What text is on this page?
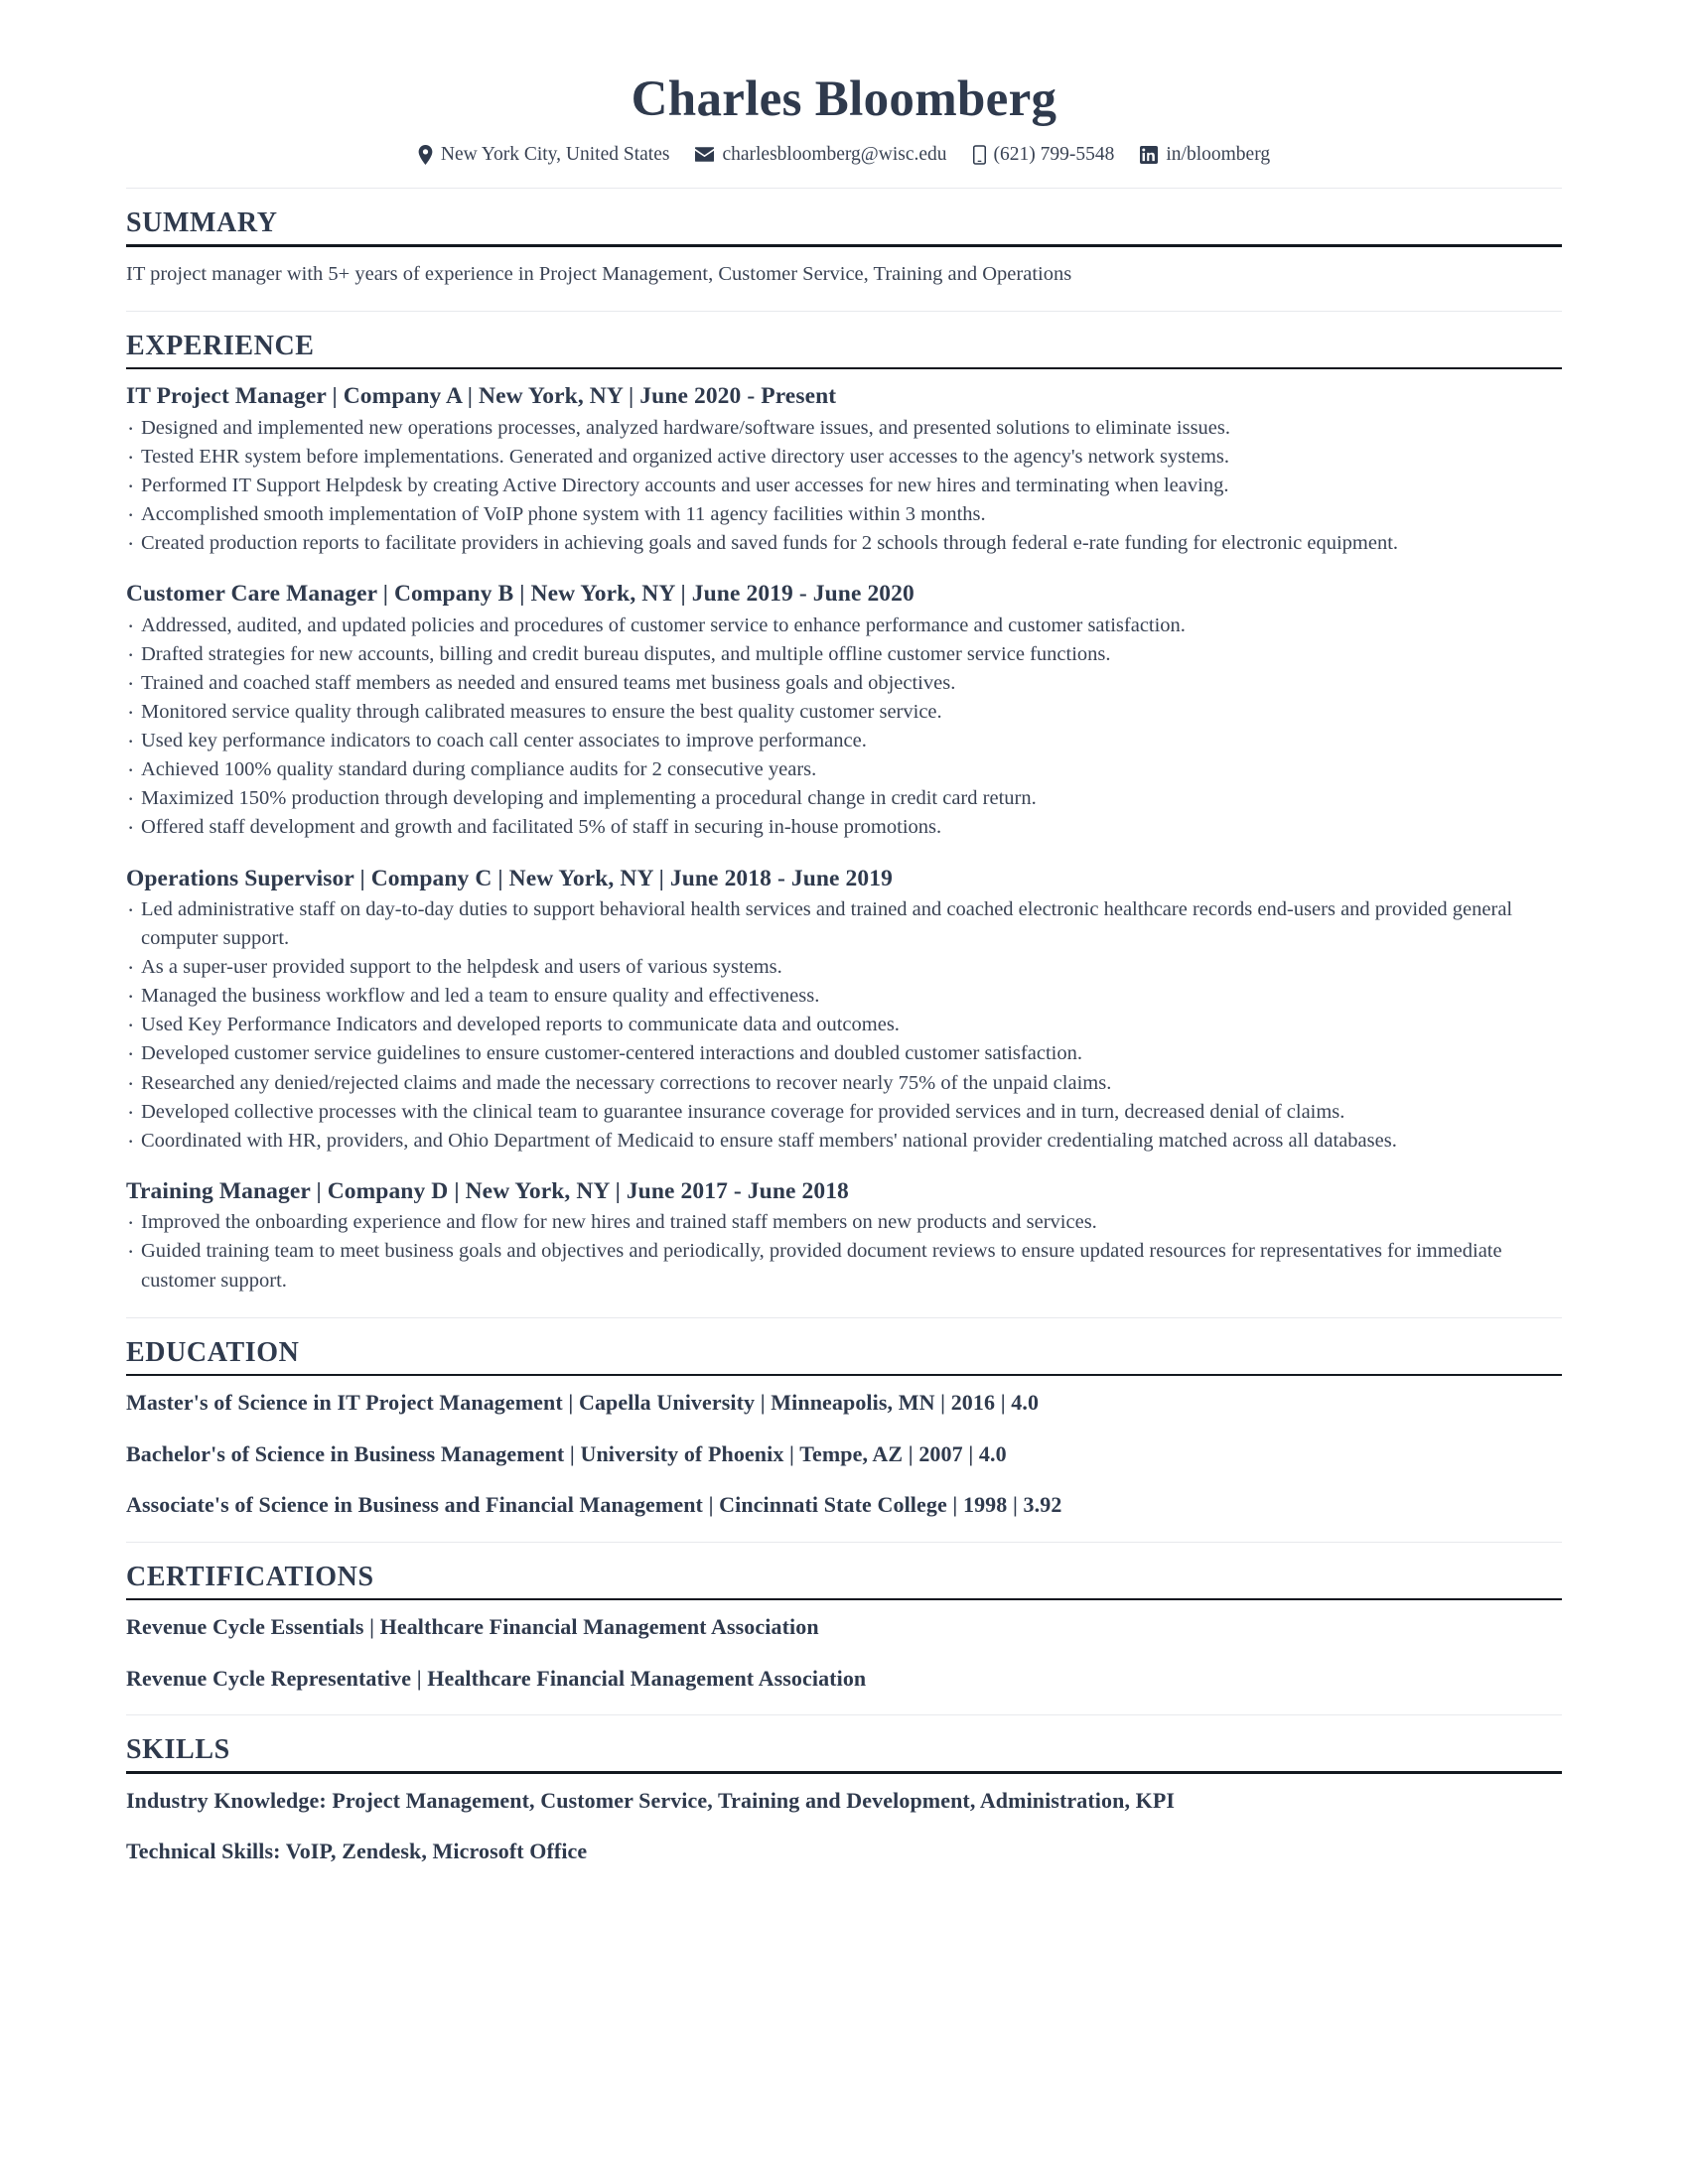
Charles Bloomberg
New York City, United States	charlesbloomberg@wisc.edu (621) 799-5548	in/bloomberg
SUMMARY

IT project manager with 5+ years of experience in Project Management, Customer Service, Training and Operations

EXPERIENCE
IT Project Manager | Company A | New York, NY | June 2020 - Present
· Designed and implemented new operations processes, analyzed hardware/software issues, and presented solutions to eliminate issues.
· Tested EHR system before implementations. Generated and organized active directory user accesses to the agency's network systems.
· Performed IT Support Helpdesk by creating Active Directory accounts and user accesses for new hires and terminating when leaving.
· Accomplished smooth implementation of VoIP phone system with 11 agency facilities within 3 months.
· Created production reports to facilitate providers in achieving goals and saved funds for 2 schools through federal e-rate funding for electronic equipment.
Customer Care Manager | Company B | New York, NY | June 2019 - June 2020
· Addressed, audited, and updated policies and procedures of customer service to enhance performance and customer satisfaction.
· Drafted strategies for new accounts, billing and credit bureau disputes, and multiple offline customer service functions.
· Trained and coached staff members as needed and ensured teams met business goals and objectives.
· Monitored service quality through calibrated measures to ensure the best quality customer service.
· Used key performance indicators to coach call center associates to improve performance.
· Achieved 100% quality standard during compliance audits for 2 consecutive years.
· Maximized 150% production through developing and implementing a procedural change in credit card return.
· Offered staff development and growth and facilitated 5% of staff in securing in-house promotions.
Operations Supervisor | Company C | New York, NY | June 2018 - June 2019
· Led administrative staff on day-to-day duties to support behavioral health services and trained and coached electronic healthcare records end-users and provided general computer support.
· As a super-user provided support to the helpdesk and users of various systems.
· Managed the business workflow and led a team to ensure quality and effectiveness.
· Used Key Performance Indicators and developed reports to communicate data and outcomes.
· Developed customer service guidelines to ensure customer-centered interactions and doubled customer satisfaction.
· Researched any denied/rejected claims and made the necessary corrections to recover nearly 75% of the unpaid claims.
· Developed collective processes with the clinical team to guarantee insurance coverage for provided services and in turn, decreased denial of claims.
· Coordinated with HR, providers, and Ohio Department of Medicaid to ensure staff members' national provider credentialing matched across all databases.
Training Manager | Company D | New York, NY | June 2017 - June 2018
· Improved the onboarding experience and flow for new hires and trained staff members on new products and services.
· Guided training team to meet business goals and objectives and periodically, provided document reviews to ensure updated resources for representatives for immediate customer support.
EDUCATION
Master's of Science in IT Project Management | Capella University | Minneapolis, MN | 2016 | 4.0
Bachelor's of Science in Business Management | University of Phoenix | Tempe, AZ | 2007 | 4.0
Associate's of Science in Business and Financial Management | Cincinnati State College | 1998 | 3.92
CERTIFICATIONS
Revenue Cycle Essentials | Healthcare Financial Management Association
Revenue Cycle Representative | Healthcare Financial Management Association
SKILLS
Industry Knowledge: Project Management, Customer Service, Training and Development, Administration, KPI
Technical Skills: VoIP, Zendesk, Microsoft Office
